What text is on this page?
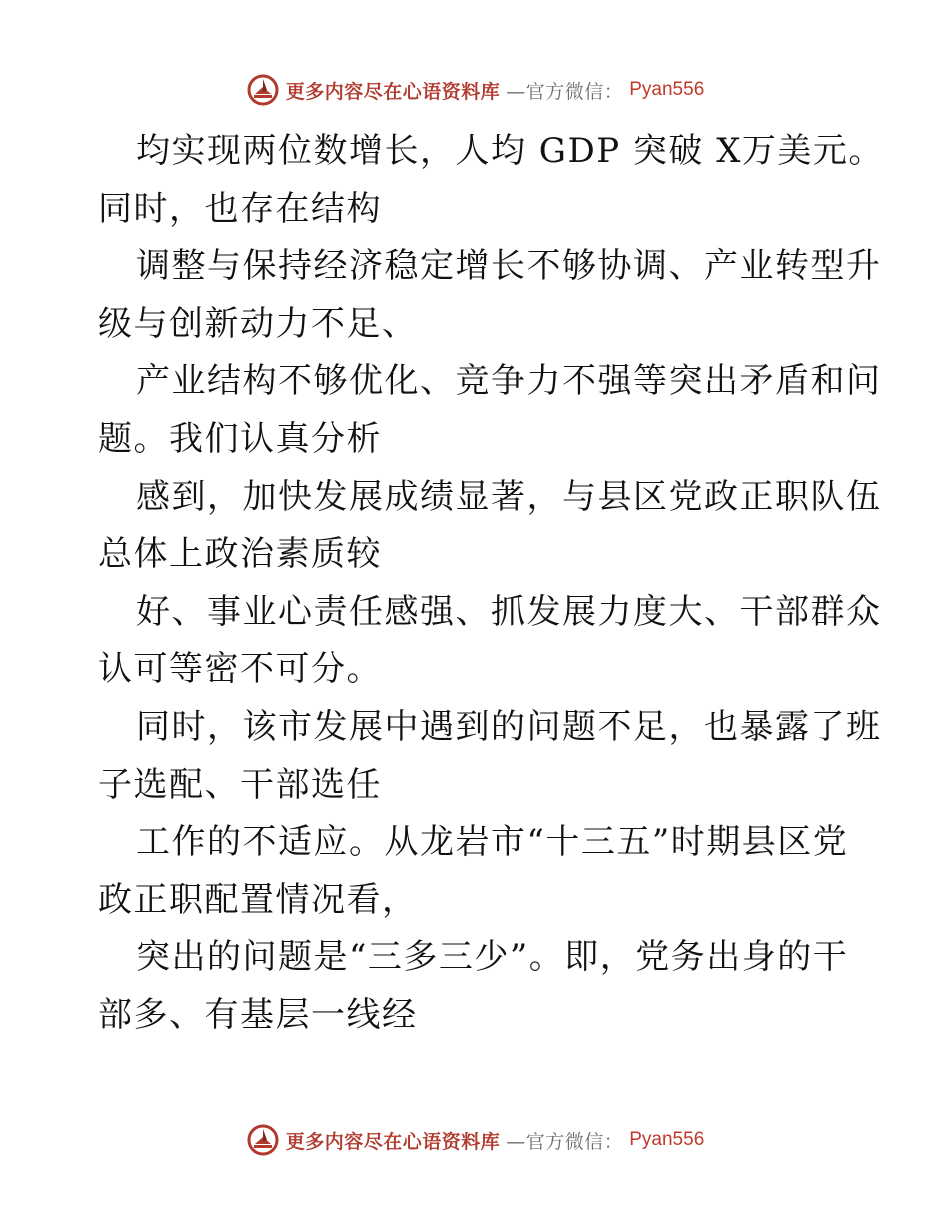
更多内容尽在心语资料库 —官方微信： Pyan556
均实现两位数增长，人均 GDP 突破 X万美元。
同时，也存在结构
调整与保持经济稳定增长不够协调、产业转型升
级与创新动力不足、
产业结构不够优化、竞争力不强等突出矛盾和问
题。我们认真分析
感到，加快发展成绩显著，与县区党政正职队伍
总体上政治素质较
好、事业心责任感强、抓发展力度大、干部群众
认可等密不可分。
同时，该市发展中遇到的问题不足，也暴露了班
子选配、干部选任
工作的不适应。从龙岩市“十三五”时期县区党
政正职配置情况看，
突出的问题是“三多三少”。即，党务出身的干
部多、有基层一线经
更多内容尽在心语资料库 —官方微信： Pyan556
